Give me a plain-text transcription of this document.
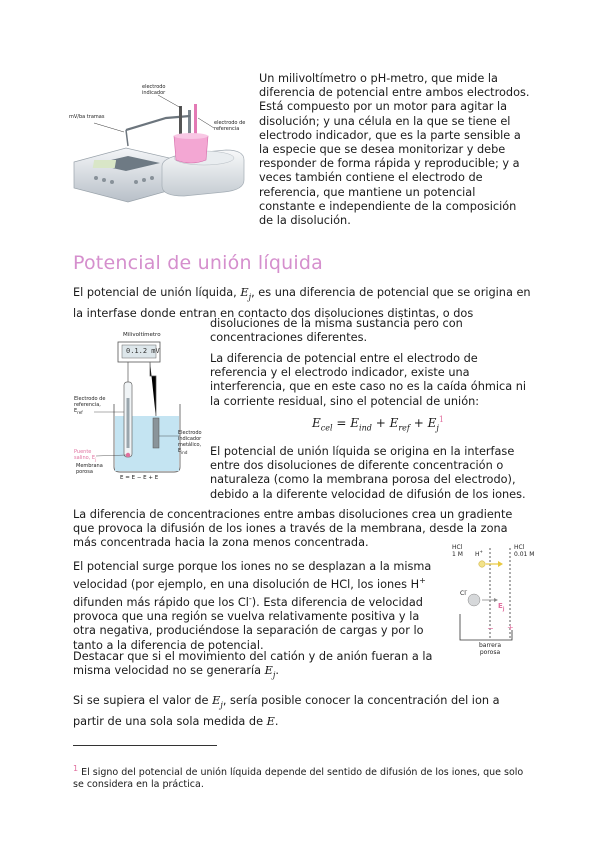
mV/ba tramas
electrodo indicador
electrodo de referencia

Un milivoltímetro o pH-metro, que mide la diferencia de potencial entre ambos electrodos. Está compuesto por un motor para agitar la disolución; y una célula en la que se tiene el electrodo indicador, que es la parte sensible a la especie que se desea monitorizar y debe responder de forma rápida y reproducible; y a veces también contiene el electrodo de referencia, que mantiene un potencial constante e independiente de la composición de la disolución.

Potencial de unión líquida

El potencial de unión líquida, $E_j$, es una diferencia de potencial que se origina en la interfase donde entran en contacto dos disoluciones distintas, o dos

disoluciones de la misma sustancia pero con concentraciones diferentes.

Milivoltímetro
0.1.2 mV
Electrodo de referencia, $E_{ref}$
Electrodo indicador metálico, $E_{ind}$
Puente salino, $E_j$
Membrana porosa
E = E − E + E

La diferencia de potencial entre el electrodo de referencia y el electrodo indicador, existe una interferencia, que en este caso no es la caída óhmica ni la corriente residual, sino el potencial de unión:

$E_{cel} = E_{ind} + E_{ref} + E_j^1$

El potencial de unión líquida se origina en la interfase entre dos disoluciones de diferente concentración o naturaleza (como la membrana porosa del electrodo), debido a la diferente velocidad de difusión de los iones.

La diferencia de concentraciones entre ambas disoluciones crea un gradiente que provoca la difusión de los iones a través de la membrana, desde la zona más concentrada hacia la zona menos concentrada.

El potencial surge porque los iones no se desplazan a la misma velocidad (por ejemplo, en una disolución de HCl, los iones H+ difunden más rápido que los Cl-). Esta diferencia de velocidad provoca que una región se vuelva relativamente positiva y la otra negativa, produciéndose la separación de cargas y por lo tanto a la diferencia de potencial.

HCl
1 M
HCl
0.01 M
H+
Cl-
$E_j$
− +
barrera porosa

Destacar que si el movimiento del catión y de anión fueran a la misma velocidad no se generaría $E_j$.

Si se supiera el valor de $E_j$, sería posible conocer la concentración del ion a partir de una sola sola medida de E.

$^1$ El signo del potencial de unión líquida depende del sentido de difusión de los iones, que solo se considera en la práctica.
